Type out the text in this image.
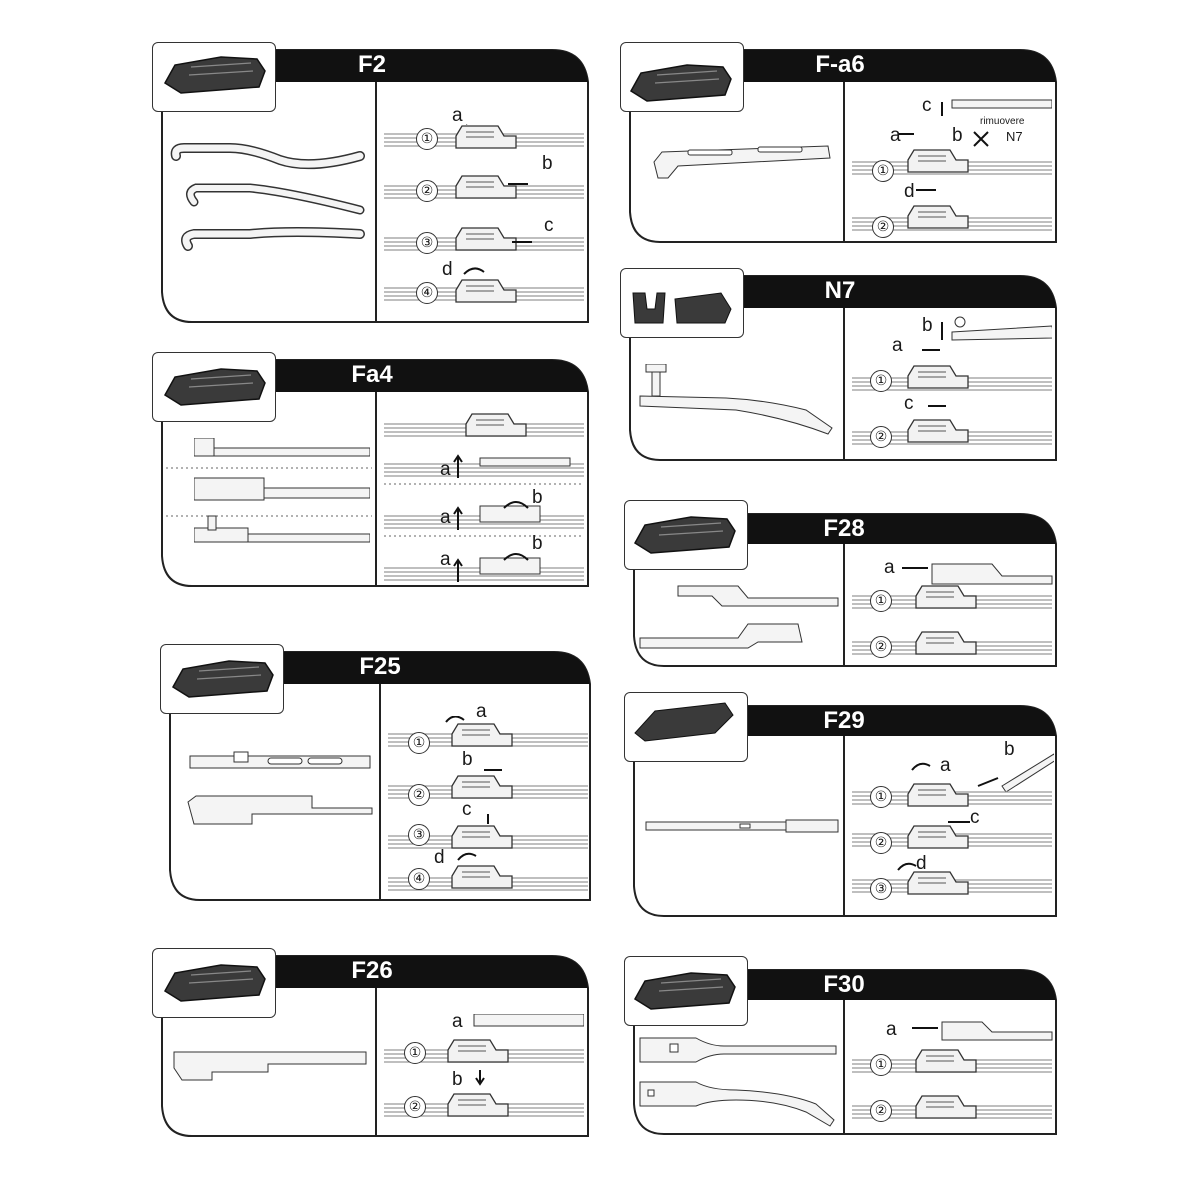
F2
①
②
③
④
a
b
c
d
Fa4
a
a
b
a
b
F25
①
②
③
④
a
b
c
d
F26
①
②
a
b
F-a6
①
②
c
a	b
d
rimuovere
N7
N7
①
②
b
a
c
F28
①
②
a
F29
①
②
③
a
b
c
d
F30
①
②
a
